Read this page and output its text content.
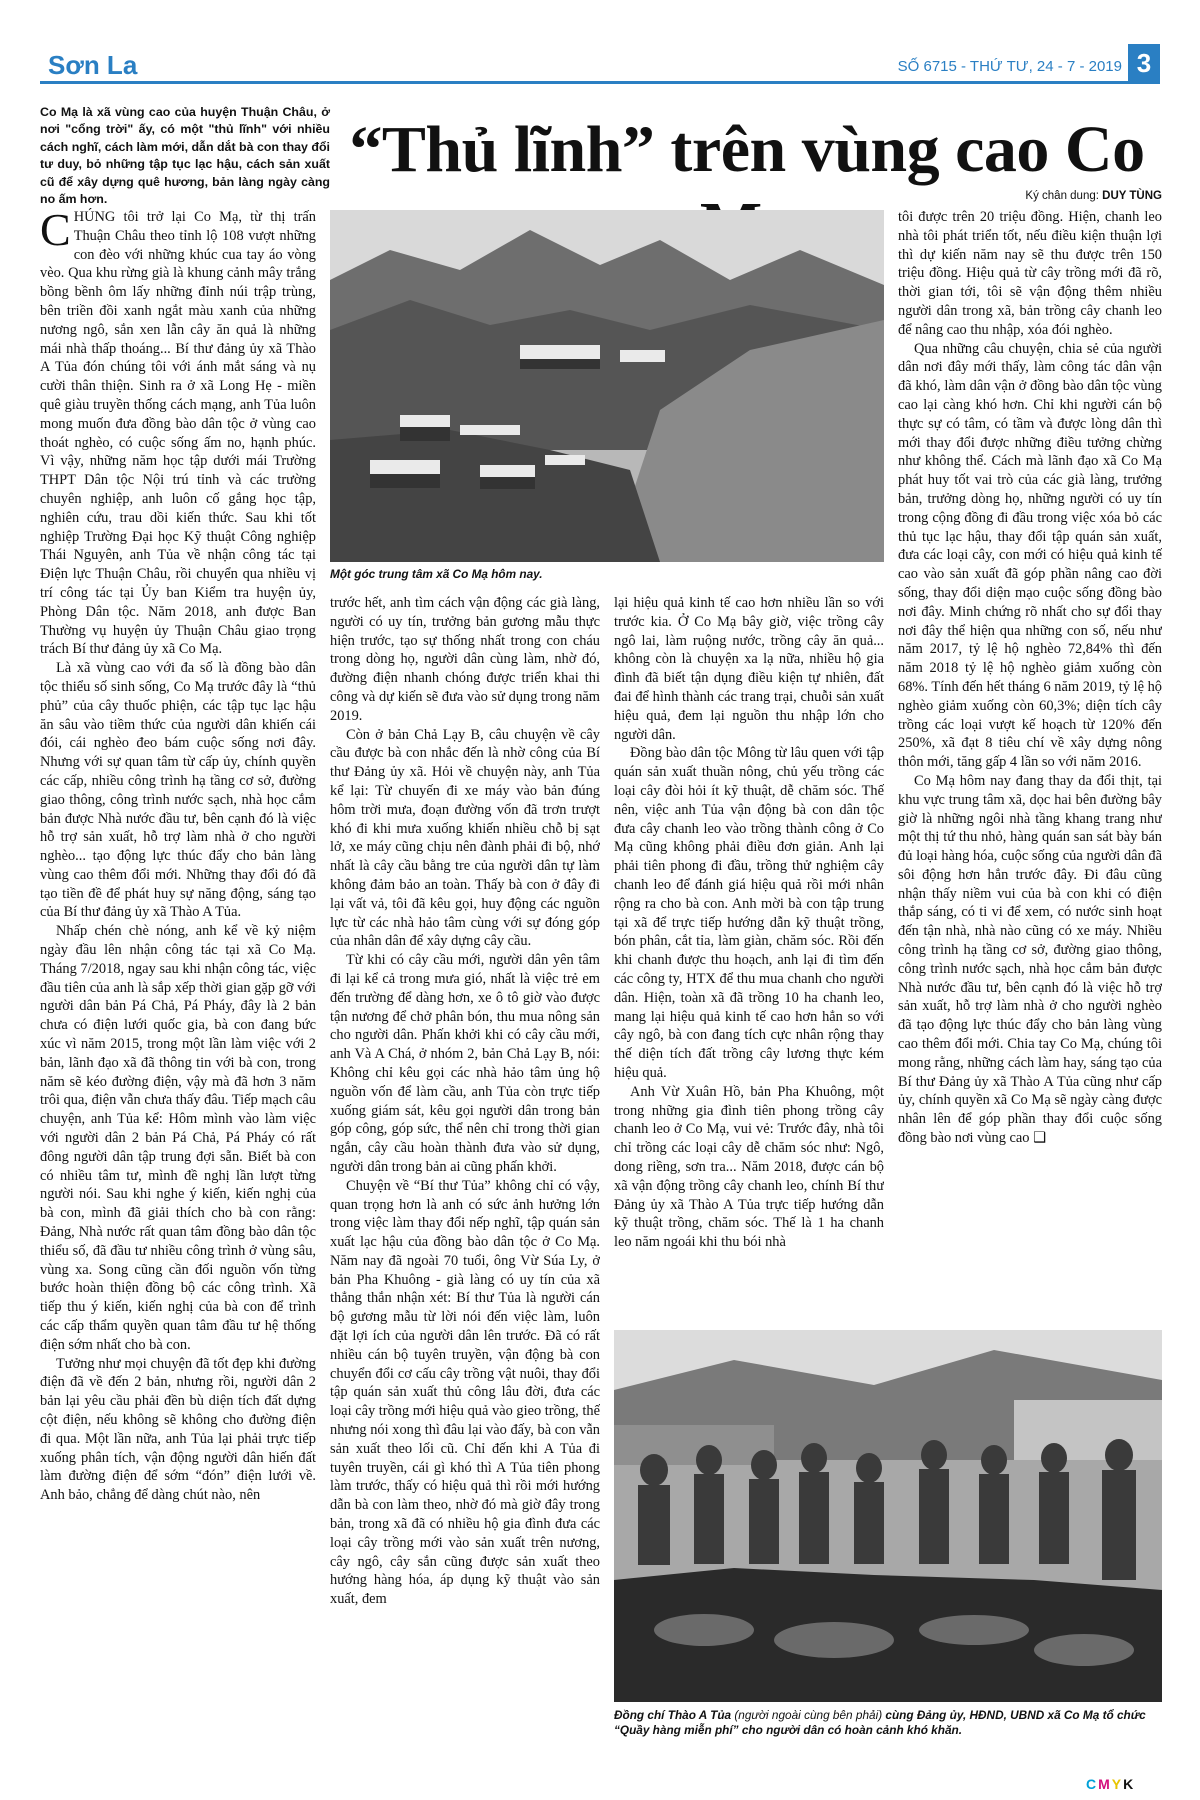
Sơn La	SỐ 6715 - THỨ TƯ, 24 - 7 - 2019 3
Co Mạ là xã vùng cao của huyện Thuận Châu, ở nơi "cổng trời" ấy, có một "thủ lĩnh" với nhiều cách nghĩ, cách làm mới, dẫn dắt bà con thay đổi tư duy, bỏ những tập tục lạc hậu, cách sản xuất cũ để xây dựng quê hương, bản làng ngày càng no ấm hơn.
“Thủ lĩnh” trên vùng cao Co
Ký chân dung: DUY TÙNG

CHÚNG tôi trở lại Co Mạ, từ thị trấn Thuận Châu theo tỉnh lộ 108 vượt những con đèo với những khúc cua tay áo vòng vèo. Qua khu rừng già là khung cảnh mây trắng bồng bềnh ôm lấy những đỉnh núi trập trùng, bên triền đồi xanh ngắt màu xanh của những nương ngô, sắn xen lẫn cây ăn quả là những mái nhà thấp thoáng... Bí thư đảng ủy xã Thào A Tủa đón chúng tôi với ánh mắt sáng và nụ cười thân thiện. Sinh ra ở xã Long Hẹ - miền quê giàu truyền thống cách mạng, anh Tủa luôn mong muốn đưa đồng bào dân tộc ở vùng cao thoát nghèo, có cuộc sống ấm no, hạnh phúc. Vì vậy, những năm học tập dưới mái Trường THPT Dân tộc Nội trú tỉnh và các trường chuyên nghiệp, anh luôn cố gắng học tập, nghiên cứu, trau dồi kiến thức. Sau khi tốt nghiệp Trường Đại học Kỹ thuật Công nghiệp Thái Nguyên, anh Tủa về nhận công tác tại Điện lực Thuận Châu, rồi chuyển qua nhiều vị trí công tác tại Ủy ban Kiểm tra huyện ủy, Phòng Dân tộc. Năm 2018, anh được Ban Thường vụ huyện ủy Thuận Châu giao trọng trách Bí thư đảng ủy xã Co Mạ.

Là xã vùng cao với đa số là đồng bào dân tộc thiểu số sinh sống, Co Mạ trước đây là “thủ phủ” của cây thuốc phiện, các tập tục lạc hậu ăn sâu vào tiềm thức của người dân khiến cái đói, cái nghèo đeo bám cuộc sống nơi đây. Nhưng với sự quan tâm từ cấp ủy, chính quyền các cấp, nhiều công trình hạ tầng cơ sở, đường giao thông, công trình nước sạch, nhà học cắm bản được Nhà nước đầu tư, bên cạnh đó là việc hỗ trợ sản xuất, hỗ trợ làm nhà ở cho người nghèo... tạo động lực thúc đẩy cho bản làng vùng cao thêm đổi mới. Những thay đổi đó đã tạo tiền đề để phát huy sự năng động, sáng tạo của Bí thư đảng ủy xã Thào A Tủa.

Nhấp chén chè nóng, anh kể về kỷ niệm ngày đầu lên nhận công tác tại xã Co Mạ. Tháng 7/2018, ngay sau khi nhận công tác, việc đầu tiên của anh là sắp xếp thời gian gặp gỡ với người dân bản Pá Chả, Pá Pháy, đây là 2 bản chưa có điện lưới quốc gia, bà con đang bức xúc vì năm 2015, trong một lần làm việc với 2 bản, lãnh đạo xã đã thông tin với bà con, trong năm sẽ kéo đường điện, vậy mà đã hơn 3 năm trôi qua, điện vẫn chưa thấy đâu. Tiếp mạch câu chuyện, anh Tủa kể: Hôm mình vào làm việc với người dân 2 bản Pá Chả, Pá Pháy có rất đông người dân tập trung đợi sẵn. Biết bà con có nhiều tâm tư, mình đề nghị lần lượt từng người nói. Sau khi nghe ý kiến, kiến nghị của bà con, mình đã giải thích cho bà con rằng: Đảng, Nhà nước rất quan tâm đồng bào dân tộc thiểu số, đã đầu tư nhiều công trình ở vùng sâu, vùng xa. Song cũng cần đối nguồn vốn từng bước hoàn thiện đồng bộ các công trình. Xã tiếp thu ý kiến, kiến nghị của bà con để trình các cấp thẩm quyền quan tâm đầu tư hệ thống điện sớm nhất cho bà con.

Tưởng như mọi chuyện đã tốt đẹp khi đường điện đã về đến 2 bản, nhưng rồi, người dân 2 bản lại yêu cầu phải đền bù diện tích đất dựng cột điện, nếu không sẽ không cho đường điện đi qua. Một lần nữa, anh Tủa lại phải trực tiếp xuống phân tích, vận động người dân hiến đất làm đường điện để sớm “đón” điện lưới về. Anh bảo, chẳng để dàng chút nào, nên

Một góc trung tâm xã Co Mạ hôm nay.

trước hết, anh tìm cách vận động các già làng, người có uy tín, trưởng bản gương mẫu thực hiện trước, tạo sự thống nhất trong con cháu trong dòng họ, người dân cùng làm, nhờ đó, đường điện nhanh chóng được triển khai thi công và dự kiến sẽ đưa vào sử dụng trong năm 2019.

Còn ở bản Chả Lạy B, câu chuyện về cây cầu được bà con nhắc đến là nhờ công của Bí thư Đảng ủy xã. Hỏi về chuyện này, anh Tủa kể lại: Từ chuyến đi xe máy vào bản đúng hôm trời mưa, đoạn đường vốn đã trơn trượt khó đi khi mưa xuống khiến nhiều chỗ bị sạt lở, xe máy cũng chịu nên đành phải đi bộ, nhớ nhất là cây cầu bằng tre của người dân tự làm không đảm bảo an toàn. Thấy bà con ở đây đi lại vất vả, tôi đã kêu gọi, huy động các nguồn lực từ các nhà hảo tâm cùng với sự đóng góp của nhân dân để xây dựng cây cầu.

Từ khi có cây cầu mới, người dân yên tâm đi lại kể cả trong mưa gió, nhất là việc trẻ em đến trường để dàng hơn, xe ô tô giờ vào được tận nương để chở phân bón, thu mua nông sản cho người dân. Phấn khởi khi có cây cầu mới, anh Và A Chá, ở nhóm 2, bản Chả Lạy B, nói: Không chỉ kêu gọi các nhà hảo tâm ủng hộ nguồn vốn để làm cầu, anh Tủa còn trực tiếp xuống giám sát, kêu gọi người dân trong bản góp công, góp sức, thể nên chỉ trong thời gian ngắn, cây cầu hoàn thành đưa vào sử dụng, người dân trong bản ai cũng phấn khởi.

Chuyện về “Bí thư Tủa” không chỉ có vậy, quan trọng hơn là anh có sức ảnh hưởng lớn trong việc làm thay đổi nếp nghĩ, tập quán sản xuất lạc hậu của đồng bào dân tộc ở Co Mạ. Năm nay đã ngoài 70 tuổi, ông Vừ Súa Ly, ở bản Pha Khuông - già làng có uy tín của xã thẳng thắn nhận xét: Bí thư Tủa là người cán bộ gương mẫu từ lời nói đến việc làm, luôn đặt lợi ích của người dân lên trước. Đã có rất nhiều cán bộ tuyên truyền, vận động bà con chuyển đổi cơ cấu cây trồng vật nuôi, thay đổi tập quán sản xuất thủ công lâu đời, đưa các loại cây trồng mới hiệu quả vào gieo trồng, thế nhưng nói xong thì đâu lại vào đấy, bà con vẫn sản xuất theo lối cũ. Chỉ đến khi A Tủa đi tuyên truyền, cái gì khó thì A Tủa tiên phong làm trước, thấy có hiệu quả thì rồi mới hướng dẫn bà con làm theo, nhờ đó mà giờ đây trong bản, trong xã đã có nhiều hộ gia đình đưa các loại cây trồng mới vào sản xuất trên nương, cây ngô, cây sắn cũng được sản xuất theo hướng hàng hóa, áp dụng kỹ thuật vào sản xuất, đem

lại hiệu quả kinh tế cao hơn nhiều lần so với trước kia. Ở Co Mạ bây giờ, việc trồng cây ngô lai, làm ruộng nước, trồng cây ăn quả... không còn là chuyện xa lạ nữa, nhiều hộ gia đình đã biết tận dụng điều kiện tự nhiên, đất đai để hình thành các trang trại, chuỗi sản xuất hiệu quả, đem lại nguồn thu nhập lớn cho người dân.

Đồng bào dân tộc Mông từ lâu quen với tập quán sản xuất thuần nông, chủ yếu trồng các loại cây đòi hỏi ít kỹ thuật, dễ chăm sóc. Thế nên, việc anh Tủa vận động bà con dân tộc đưa cây chanh leo vào trồng thành công ở Co Mạ cũng không phải điều đơn giản. Anh lại phải tiên phong đi đầu, trồng thử nghiệm cây chanh leo để đánh giá hiệu quả rồi mới nhân rộng ra cho bà con. Anh mời bà con tập trung tại xã để trực tiếp hướng dẫn kỹ thuật trồng, bón phân, cắt tỉa, làm giàn, chăm sóc. Rồi đến khi chanh được thu hoạch, anh lại đi tìm đến các công ty, HTX để thu mua chanh cho người dân. Hiện, toàn xã đã trồng 10 ha chanh leo, mang lại hiệu quả kinh tế cao hơn hẳn so với cây ngô, bà con đang tích cực nhân rộng thay thế diện tích đất trồng cây lương thực kém hiệu quả.

Anh Vừ Xuân Hồ, bản Pha Khuông, một trong những gia đình tiên phong trồng cây chanh leo ở Co Mạ, vui vẻ: Trước đây, nhà tôi chỉ trồng các loại cây dễ chăm sóc như: Ngô, dong riềng, sơn tra... Năm 2018, được cán bộ xã vận động trồng cây chanh leo, chính Bí thư Đảng ủy xã Thào A Tủa trực tiếp hướng dẫn kỹ thuật trồng, chăm sóc. Thế là 1 ha chanh leo năm ngoái khi thu bói nhà

tôi được trên 20 triệu đồng. Hiện, chanh leo nhà tôi phát triển tốt, nếu điều kiện thuận lợi thì dự kiến năm nay sẽ thu được trên 150 triệu đồng. Hiệu quả từ cây trồng mới đã rõ, thời gian tới, tôi sẽ vận động thêm nhiều người dân trong xã, bản trồng cây chanh leo để nâng cao thu nhập, xóa đói nghèo.

Qua những câu chuyện, chia sẻ của người dân nơi đây mới thấy, làm công tác dân vận đã khó, làm dân vận ở đồng bào dân tộc vùng cao lại càng khó hơn. Chỉ khi người cán bộ thực sự có tâm, có tầm và được lòng dân thì mới thay đổi được những điều tưởng chừng như không thể. Cách mà lãnh đạo xã Co Mạ phát huy tốt vai trò của các già làng, trưởng bản, trưởng dòng họ, những người có uy tín trong cộng đồng đi đầu trong việc xóa bỏ các thủ tục lạc hậu, thay đổi tập quán sản xuất, đưa các loại cây, con mới có hiệu quả kinh tế cao vào sản xuất đã góp phần nâng cao đời sống, thay đổi diện mạo cuộc sống đồng bào nơi đây. Minh chứng rõ nhất cho sự đổi thay nơi đây thể hiện qua những con số, nếu như năm 2017, tỷ lệ hộ nghèo 72,84% thì đến năm 2018 tỷ lệ hộ nghèo giảm xuống còn 68%. Tính đến hết tháng 6 năm 2019, tỷ lệ hộ nghèo giảm xuống còn 60,3%; diện tích cây trồng các loại vượt kế hoạch từ 120% đến 250%, xã đạt 8 tiêu chí về xây dựng nông thôn mới, tăng gấp 4 lần so với năm 2016.

Co Mạ hôm nay đang thay da đổi thịt, tại khu vực trung tâm xã, dọc hai bên đường bây giờ là những ngôi nhà tầng khang trang như một thị tứ thu nhỏ, hàng quán san sát bày bán đủ loại hàng hóa, cuộc sống của người dân đã sôi động hơn hẳn trước đây. Đi đâu cũng nhận thấy niềm vui của bà con khi có điện thắp sáng, có ti vi để xem, có nước sinh hoạt đến tận nhà, nhà nào cũng có xe máy. Nhiều công trình hạ tầng cơ sở, đường giao thông, công trình nước sạch, nhà học cắm bản được Nhà nước đầu tư, bên cạnh đó là việc hỗ trợ sản xuất, hỗ trợ làm nhà ở cho người nghèo đã tạo động lực thúc đẩy cho bản làng vùng cao thêm đổi mới. Chia tay Co Mạ, chúng tôi mong rằng, những cách làm hay, sáng tạo của Bí thư Đảng ủy xã Thào A Tủa cũng như cấp ủy, chính quyền xã Co Mạ sẽ ngày càng được nhân lên để góp phần thay đổi cuộc sống đồng bào nơi vùng cao ❑

Đồng chí Thào A Tủa (người ngoài cùng bên phải) cùng Đảng ủy, HĐND, UBND xã Co Mạ tổ chức “Quầy hàng miễn phí” cho người dân có hoàn cảnh khó khăn.
CMYK
